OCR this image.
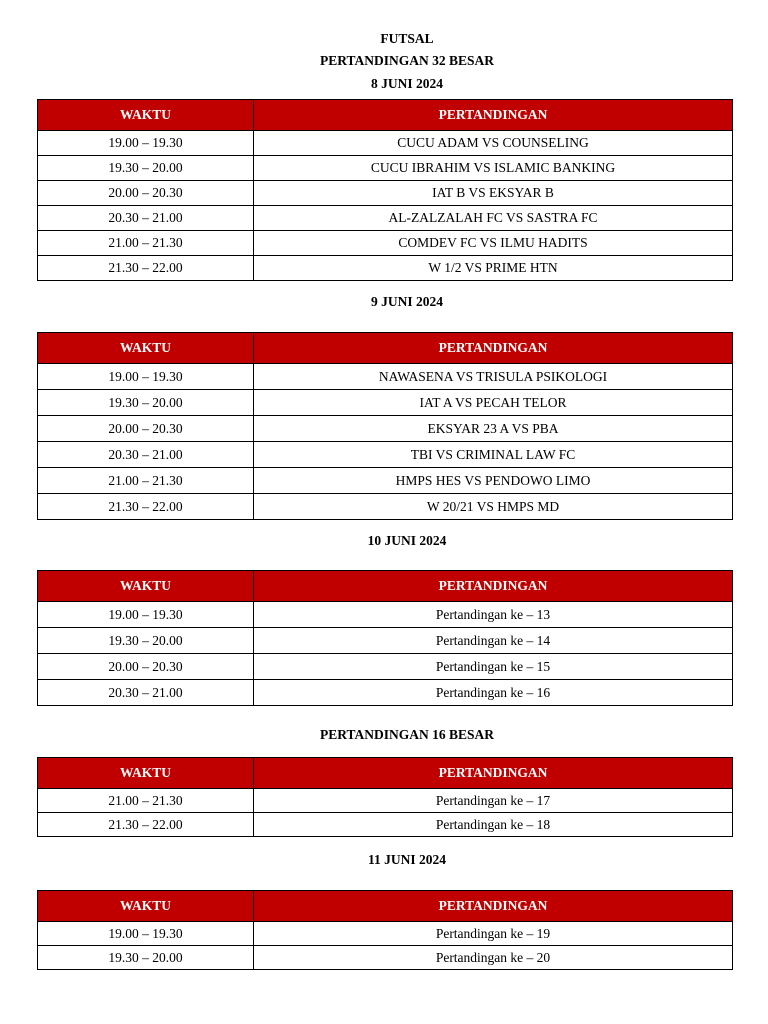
FUTSAL
PERTANDINGAN 32 BESAR
8 JUNI 2024
WAKTU	PERTANDINGAN
19.00 – 19.30	CUCU ADAM VS COUNSELING
19.30 – 20.00	CUCU IBRAHIM VS ISLAMIC BANKING
20.00 – 20.30	IAT B VS EKSYAR B
20.30 – 21.00	AL-ZALZALAH FC VS SASTRA FC
21.00 – 21.30	COMDEV FC VS ILMU HADITS
21.30 – 22.00	W 1/2 VS PRIME HTN
9 JUNI 2024
WAKTU	PERTANDINGAN
19.00 – 19.30	NAWASENA VS TRISULA PSIKOLOGI
19.30 – 20.00	IAT A VS PECAH TELOR
20.00 – 20.30	EKSYAR 23 A VS PBA
20.30 – 21.00	TBI VS CRIMINAL LAW FC
21.00 – 21.30	HMPS HES VS PENDOWO LIMO
21.30 – 22.00	W 20/21 VS HMPS MD
10 JUNI 2024
WAKTU	PERTANDINGAN
19.00 – 19.30	Pertandingan ke – 13
19.30 – 20.00	Pertandingan ke – 14
20.00 – 20.30	Pertandingan ke – 15
20.30 – 21.00	Pertandingan ke – 16
PERTANDINGAN 16 BESAR
WAKTU	PERTANDINGAN
21.00 – 21.30	Pertandingan ke – 17
21.30 – 22.00	Pertandingan ke – 18
11 JUNI 2024
WAKTU	PERTANDINGAN
19.00 – 19.30	Pertandingan ke – 19
19.30 – 20.00	Pertandingan ke – 20
